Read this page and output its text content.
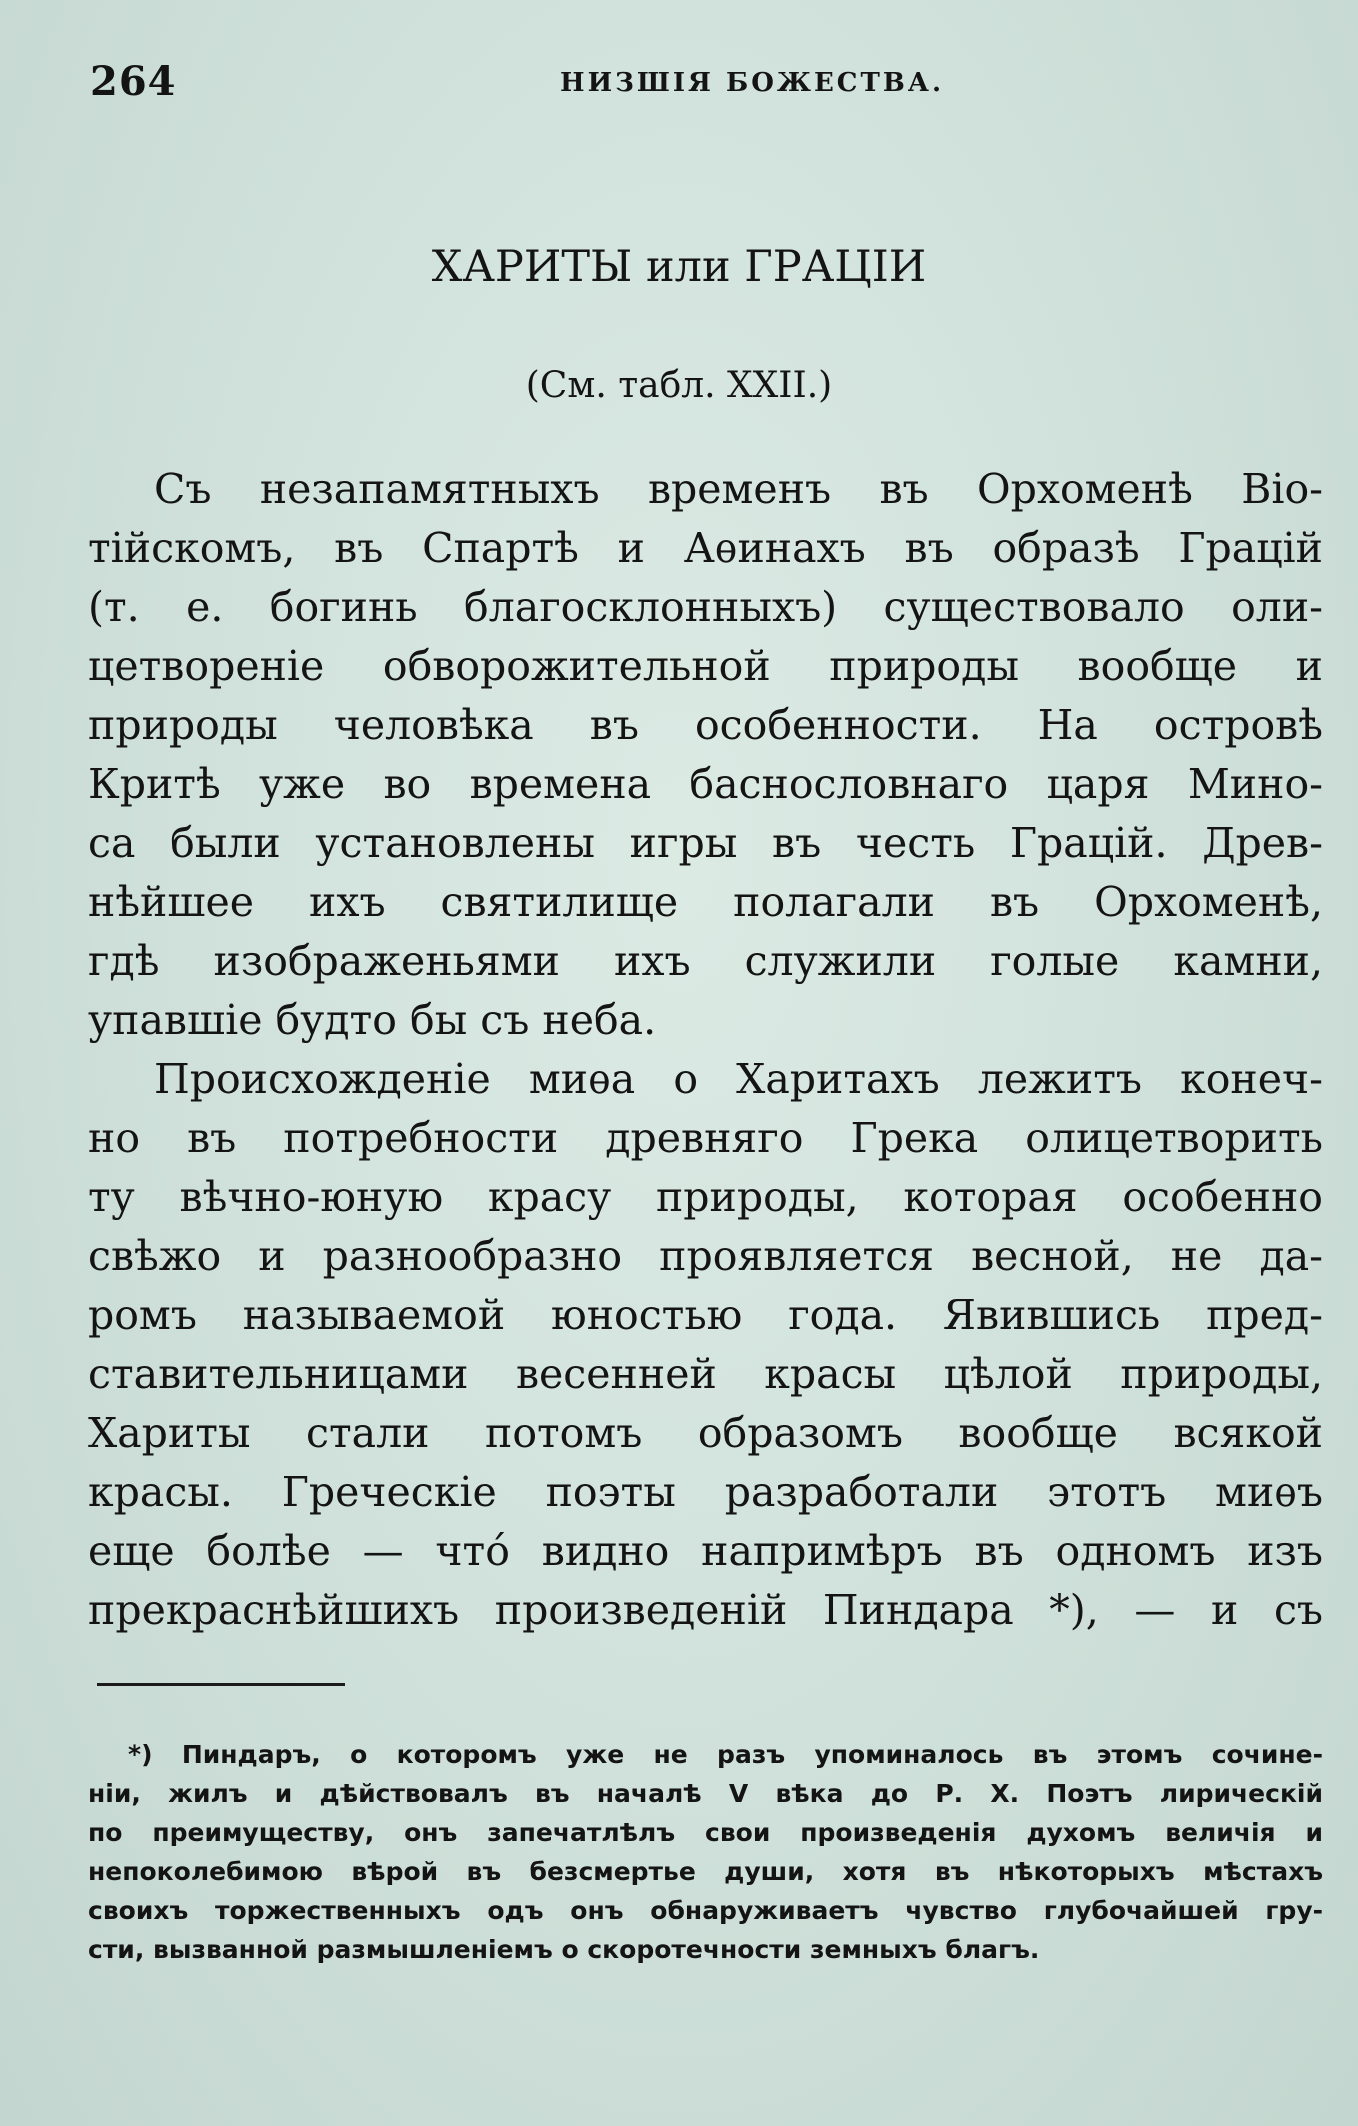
264	НИЗШІЯ БОЖЕСТВА.
ХАРИТЫ или ГРАЦІИ
(См. табл. XXII.)
Съ незапамятныхъ временъ въ Орхоменѣ Віо-
тійскомъ, въ Спартѣ и Аѳинахъ въ образѣ Грацій
(т. е. богинь благосклонныхъ) существовало оли-
цетвореніе обворожительной природы вообще и
природы человѣка въ особенности. На островѣ
Критѣ уже во времена баснословнаго царя Мино-
са были установлены игры въ честь Грацій. Древ-
нѣйшее ихъ святилище полагали въ Орхоменѣ,
гдѣ изображеньями ихъ служили голые камни,
упавшіе будто бы съ неба.
Происхожденіе миѳа о Харитахъ лежитъ конеч-
но въ потребности древняго Грека олицетворить
ту вѣчно-юную красу природы, которая особенно
свѣжо и разнообразно проявляется весной, не да-
ромъ называемой юностью года. Явившись пред-
ставительницами весенней красы цѣлой природы,
Хариты стали потомъ образомъ вообще всякой
красы. Греческіе поэты разработали этотъ миѳъ
еще болѣе — что́ видно напримѣръ въ одномъ изъ
прекраснѣйшихъ произведеній Пиндара *), — и съ
*) Пиндаръ, о которомъ уже не разъ упоминалось въ этомъ сочине-
ніи, жилъ и дѣйствовалъ въ началѣ V вѣка до Р. Х. Поэтъ лирическій
по преимуществу, онъ запечатлѣлъ свои произведенія духомъ величія и
непоколебимою вѣрой въ безсмертье души, хотя въ нѣкоторыхъ мѣстахъ
своихъ торжественныхъ одъ онъ обнаруживаетъ чувство глубочайшей гру-
сти, вызванной размышленіемъ о скоротечности земныхъ благъ.
